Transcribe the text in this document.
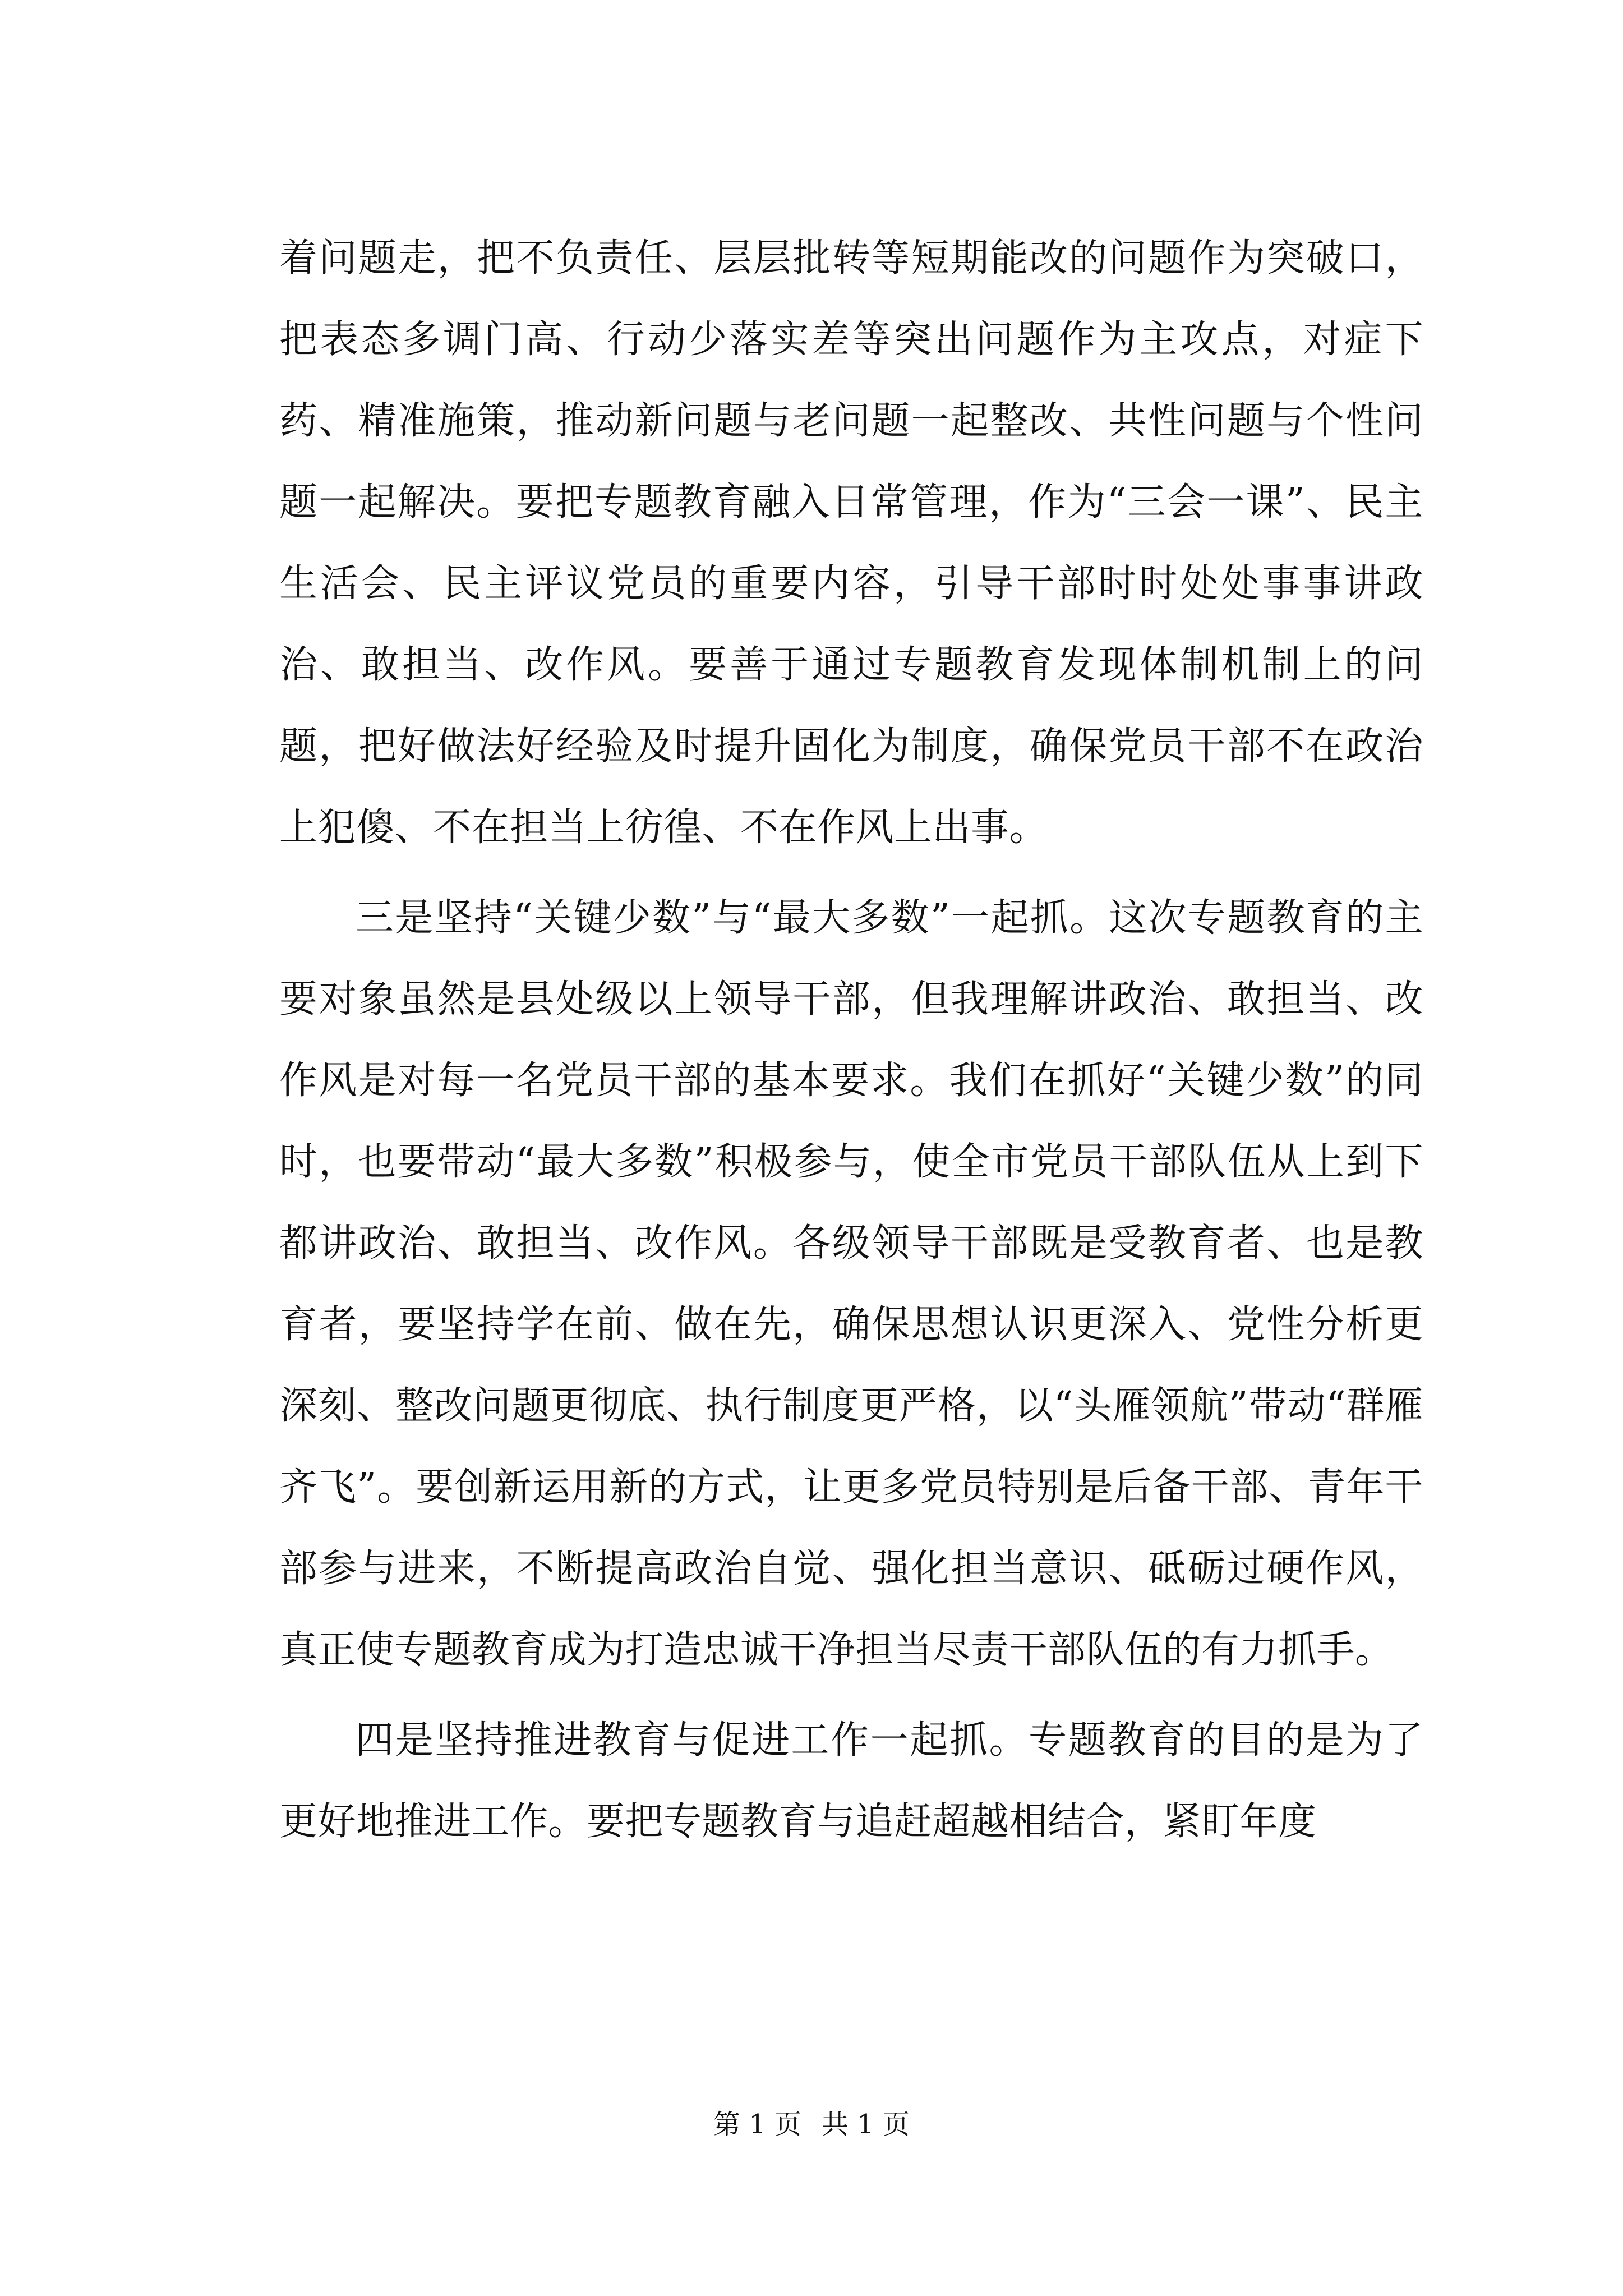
着问题走，把不负责任、层层批转等短期能改的问题作为突破口，把表态多调门高、行动少落实差等突出问题作为主攻点，对症下药、精准施策，推动新问题与老问题一起整改、共性问题与个性问题一起解决。要把专题教育融入日常管理，作为“三会一课”、民主生活会、民主评议党员的重要内容，引导干部时时处处事事讲政治、敢担当、改作风。要善于通过专题教育发现体制机制上的问题，把好做法好经验及时提升固化为制度，确保党员干部不在政治上犯傻、不在担当上彷徨、不在作风上出事。

三是坚持“关键少数”与“最大多数”一起抓。这次专题教育的主要对象虽然是县处级以上领导干部，但我理解讲政治、敢担当、改作风是对每一名党员干部的基本要求。我们在抓好“关键少数”的同时，也要带动“最大多数”积极参与，使全市党员干部队伍从上到下都讲政治、敢担当、改作风。各级领导干部既是受教育者、也是教育者，要坚持学在前、做在先，确保思想认识更深入、党性分析更深刻、整改问题更彻底、执行制度更严格，以“头雁领航”带动“群雁齐飞”。要创新运用新的方式，让更多党员特别是后备干部、青年干部参与进来，不断提高政治自觉、强化担当意识、砥砺过硬作风，真正使专题教育成为打造忠诚干净担当尽责干部队伍的有力抓手。

四是坚持推进教育与促进工作一起抓。专题教育的目的是为了更好地推进工作。要把专题教育与追赶超越相结合，紧盯年度

第 1 页 共 1 页
